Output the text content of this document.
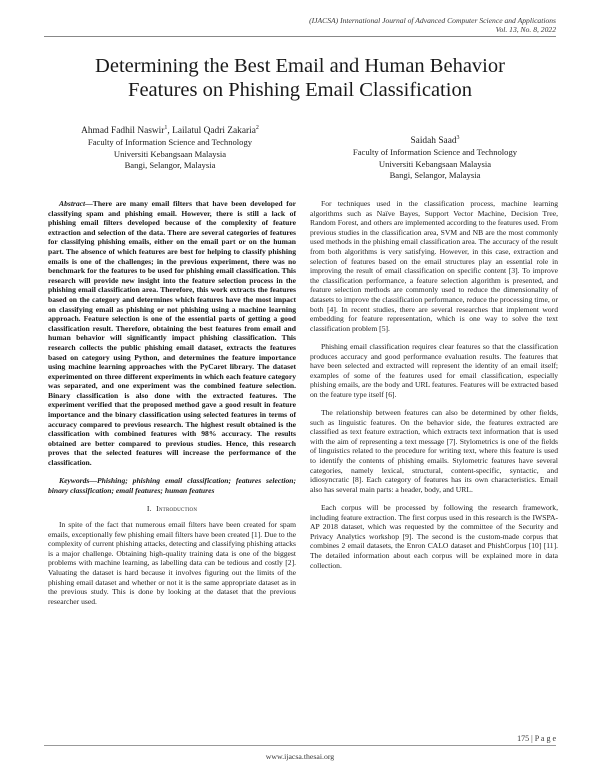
(IJACSA) International Journal of Advanced Computer Science and Applications
Vol. 13, No. 8, 2022
Determining the Best Email and Human Behavior
Features on Phishing Email Classification
Ahmad Fadhil Naswir$^1$, Lailatul Qadri Zakaria$^2$
Faculty of Information Science and Technology
Universiti Kebangsaan Malaysia
Bangi, Selangor, Malaysia
Saidah Saad$^3$
Faculty of Information Science and Technology
Universiti Kebangsaan Malaysia
Bangi, Selangor, Malaysia

Abstract—There are many email filters that have been developed for classifying spam and phishing email. However, there is still a lack of phishing email filters developed because of the complexity of feature extraction and selection of the data. There are several categories of features for classifying phishing emails, either on the email part or on the human part. The absence of which features are best for helping to classify phishing emails is one of the challenges; in the previous experiment, there was no benchmark for the features to be used for phishing email classification. This research will provide new insight into the feature selection process in the phishing email classification area. Therefore, this work extracts the features based on the category and determines which features have the most impact on classifying email as phishing or not phishing using a machine learning approach. Feature selection is one of the essential parts of getting a good classification result. Therefore, obtaining the best features from email and human behavior will significantly impact phishing classification. This research collects the public phishing email dataset, extracts the features based on category using Python, and determines the feature importance using machine learning approaches with the PyCaret library. The dataset experimented on three different experiments in which each feature category was separated, and one experiment was the combined feature selection. Binary classification is also done with the extracted features. The experiment verified that the proposed method gave a good result in feature importance and the binary classification using selected features in terms of accuracy compared to previous research. The highest result obtained is the classification with combined features with 98% accuracy. The results obtained are better compared to previous studies. Hence, this research proves that the selected features will increase the performance of the classification.

Keywords—Phishing; phishing email classification; features selection; binary classification; email features; human features

I. Introduction

In spite of the fact that numerous email filters have been created for spam emails, exceptionally few phishing email filters have been created [1]. Due to the complexity of current phishing attacks, detecting and classifying phishing attacks is a major challenge. Obtaining high-quality training data is one of the biggest problems with machine learning, as labelling data can be tedious and costly [2]. Valuating the dataset is hard because it involves figuring out the limits of the phishing email dataset and whether or not it is the same appropriate dataset as in the previous study. This is done by looking at the dataset that the previous researcher used.

For techniques used in the classification process, machine learning algorithms such as Naïve Bayes, Support Vector Machine, Decision Tree, Random Forest, and others are implemented according to the features used. From previous studies in the classification area, SVM and NB are the most commonly used methods in the phishing email classification area. The accuracy of the result from both algorithms is very satisfying. However, in this case, extraction and selection of features based on the email structures play an essential role in improving the result of email classification on specific content [3]. To improve the classification performance, a feature selection algorithm is presented, and feature selection methods are commonly used to reduce the dimensionality of datasets to improve the classification performance, reduce the processing time, or both [4]. In recent studies, there are several researches that implement word embedding for feature representation, which is one way to solve the text classification problem [5].

Phishing email classification requires clear features so that the classification produces accuracy and good performance evaluation results. The features that have been selected and extracted will represent the identity of an email itself; examples of some of the features used for email classification, especially phishing emails, are the body and URL features. Features will be extracted based on the feature type itself [6].

The relationship between features can also be determined by other fields, such as linguistic features. On the behavior side, the features extracted are classified as text feature extraction, which extracts text information that is used with the aim of representing a text message [7]. Stylometrics is one of the fields of linguistics related to the procedure for writing text, where this feature is used to identify the contents of phishing emails. Stylometric features have several categories, namely lexical, structural, content-specific, syntactic, and idiosyncratic [8]. Each category of features has its own characteristics. Email also has several main parts: a header, body, and URL.

Each corpus will be processed by following the research framework, including feature extraction. The first corpus used in this research is the IWSPA-AP 2018 dataset, which was requested by the committee of the Security and Privacy Analytics workshop [9]. The second is the custom-made corpus that combines 2 email datasets, the Enron CALO dataset and PhishCorpus [10] [11]. The detailed information about each corpus will be explained more in data collection.

175 | P a g e
www.ijacsa.thesai.org
